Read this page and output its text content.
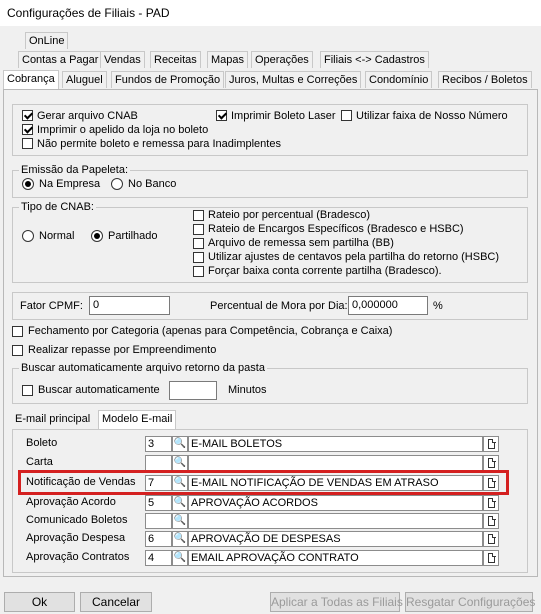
Configurações de Filiais - PAD
OnLine
Contas a Pagar Vendas	Receitas	Mapas Operações	Filiais <-> Cadastros
Cobrança	Aluguel	Fundos de Promoção Juros, Multas e Correções	Condomínio	Recibos / Boletos
Gerar arquivo CNAB	Imprimir Boleto Laser Utilizar faixa de Nosso Número
Imprimir o apelido da loja no boleto
Não permite boleto e remessa para Inadimplentes
Emissão da Papeleta:
Na Empresa	No Banco
Tipo de CNAB:
Normal	Partilhado
Rateio por percentual (Bradesco)
Rateio de Encargos Específicos (Bradesco e HSBC)
Arquivo de remessa sem partilha (BB)
Utilizar ajustes de centavos pela partilha do retorno (HSBC)
Forçar baixa conta corrente partilha (Bradesco).
Fator CPMF: 0	Percentual de Mora por Dia: 0,000000	%
Fechamento por Categoria (apenas para Competência, Cobrança e Caixa)
Realizar repasse por Empreendimento
Buscar automaticamente arquivo retorno da pasta
Buscar automaticamente	Minutos
E-mail principal	Modelo E-mail
Boleto	3	🔍 E-MAIL BOLETOS
Carta	🔍
Notificação de Vendas 7	🔍 E-MAIL NOTIFICAÇÃO DE VENDAS EM ATRASO
Aprovação Acordo	5	🔍 APROVAÇÃO ACORDOS
Comunicado Boletos	🔍
Aprovação Despesa 6	🔍 APROVAÇÃO DE DESPESAS
Aprovação Contratos 4	🔍 EMAIL APROVAÇÃO CONTRATO
Ok	Cancelar	Aplicar a Todas as Filiais Resgatar Configurações
